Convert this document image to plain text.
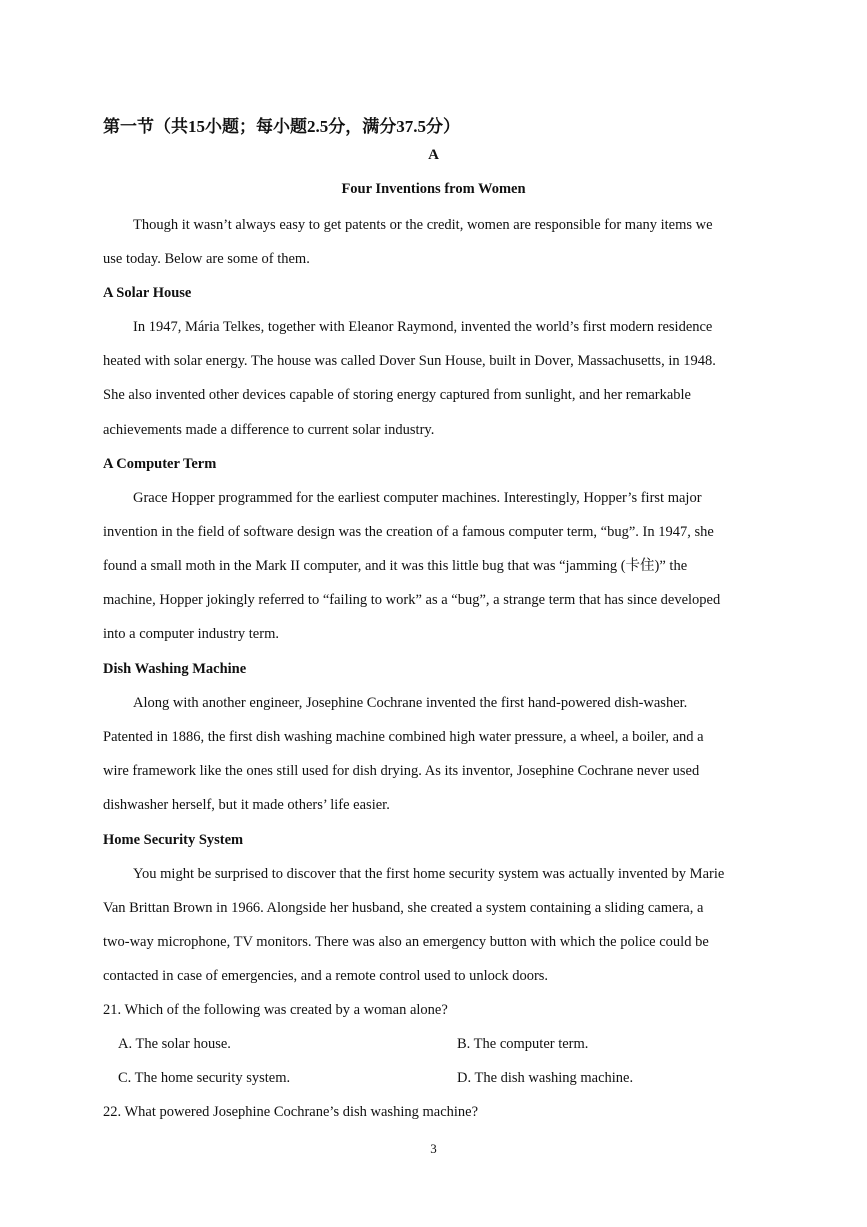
第一节（共15小题；每小题2.5分，满分37.5分）
A
Four Inventions from Women
Though it wasn’t always easy to get patents or the credit, women are responsible for many items we
use today. Below are some of them.
A Solar House
In 1947, Mária Telkes, together with Eleanor Raymond, invented the world’s first modern residence
heated with solar energy. The house was called Dover Sun House, built in Dover, Massachusetts, in 1948.
She also invented other devices capable of storing energy captured from sunlight, and her remarkable
achievements made a difference to current solar industry.
A Computer Term
Grace Hopper programmed for the earliest computer machines. Interestingly, Hopper’s first major
invention in the field of software design was the creation of a famous computer term, “bug”. In 1947, she
found a small moth in the Mark II computer, and it was this little bug that was “jamming (卡住)” the
machine, Hopper jokingly referred to “failing to work” as a “bug”, a strange term that has since developed
into a computer industry term.
Dish Washing Machine
Along with another engineer, Josephine Cochrane invented the first hand-powered dish-washer.
Patented in 1886, the first dish washing machine combined high water pressure, a wheel, a boiler, and a
wire framework like the ones still used for dish drying. As its inventor, Josephine Cochrane never used
dishwasher herself, but it made others’ life easier.
Home Security System
You might be surprised to discover that the first home security system was actually invented by Marie
Van Brittan Brown in 1966. Alongside her husband, she created a system containing a sliding camera, a
two-way microphone, TV monitors. There was also an emergency button with which the police could be
contacted in case of emergencies, and a remote control used to unlock doors.
21. Which of the following was created by a woman alone?
A. The solar house.	B. The computer term.
C. The home security system.	D. The dish washing machine.
22. What powered Josephine Cochrane’s dish washing machine?
3
